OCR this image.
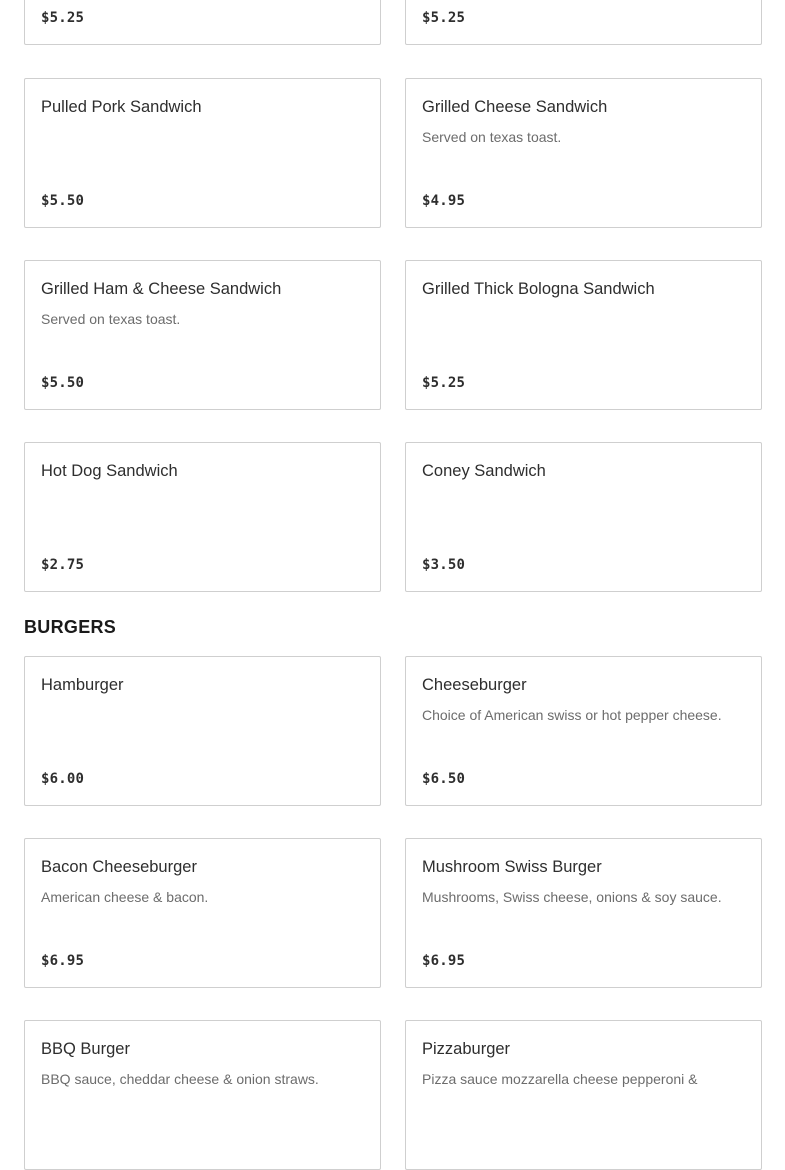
$5.25	$5.25
Pulled Pork Sandwich
$5.50
Grilled Cheese Sandwich
Served on texas toast.
$4.95
Grilled Ham & Cheese Sandwich
Served on texas toast.
$5.50
Grilled Thick Bologna Sandwich
$5.25
Hot Dog Sandwich
$2.75
Coney Sandwich
$3.50
BURGERS
Hamburger
$6.00
Cheeseburger
Choice of American swiss or hot pepper cheese.
$6.50
Bacon Cheeseburger
American cheese & bacon.
$6.95
Mushroom Swiss Burger
Mushrooms, Swiss cheese, onions & soy sauce.
$6.95
BBQ Burger
BBQ sauce, cheddar cheese & onion straws.
Pizzaburger
Pizza sauce mozzarella cheese pepperoni &
